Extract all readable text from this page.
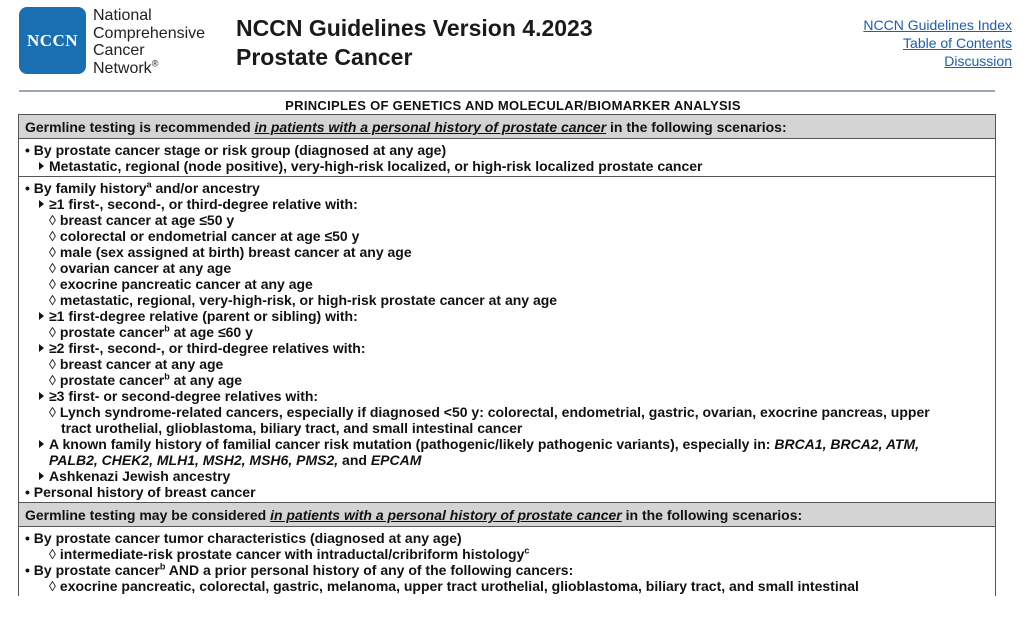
NCCN
National
Comprehensive
Cancer
Network®
NCCN Guidelines Version 4.2023
Prostate Cancer
NCCN Guidelines Index
Table of Contents
Discussion
PRINCIPLES OF GENETICS AND MOLECULAR/BIOMARKER ANALYSIS
Germline testing is recommended in patients with a personal history of prostate cancer in the following scenarios:
• By prostate cancer stage or risk group (diagnosed at any age)
Metastatic, regional (node positive), very-high-risk localized, or high-risk localized prostate cancer
• By family history$^a$ and/or ancestry
≥1 first-, second-, or third-degree relative with:
◊ breast cancer at age ≤50 y
◊ colorectal or endometrial cancer at age ≤50 y
◊ male (sex assigned at birth) breast cancer at any age
◊ ovarian cancer at any age
◊ exocrine pancreatic cancer at any age
◊ metastatic, regional, very-high-risk, or high-risk prostate cancer at any age
≥1 first-degree relative (parent or sibling) with:
◊ prostate cancer$^b$ at age ≤60 y
≥2 first-, second-, or third-degree relatives with:
◊ breast cancer at any age
◊ prostate cancer$^b$ at any age
≥3 first- or second-degree relatives with:
◊ Lynch syndrome-related cancers, especially if diagnosed <50 y: colorectal, endometrial, gastric, ovarian, exocrine pancreas, upper
tract urothelial, glioblastoma, biliary tract, and small intestinal cancer
A known family history of familial cancer risk mutation (pathogenic/likely pathogenic variants), especially in: BRCA1, BRCA2, ATM,
PALB2, CHEK2, MLH1, MSH2, MSH6, PMS2, and EPCAM
Ashkenazi Jewish ancestry
• Personal history of breast cancer
Germline testing may be considered in patients with a personal history of prostate cancer in the following scenarios:
• By prostate cancer tumor characteristics (diagnosed at any age)
◊ intermediate-risk prostate cancer with intraductal/cribriform histology$^c$
• By prostate cancer$^b$ AND a prior personal history of any of the following cancers:
◊ exocrine pancreatic, colorectal, gastric, melanoma, upper tract urothelial, glioblastoma, biliary tract, and small intestinal
